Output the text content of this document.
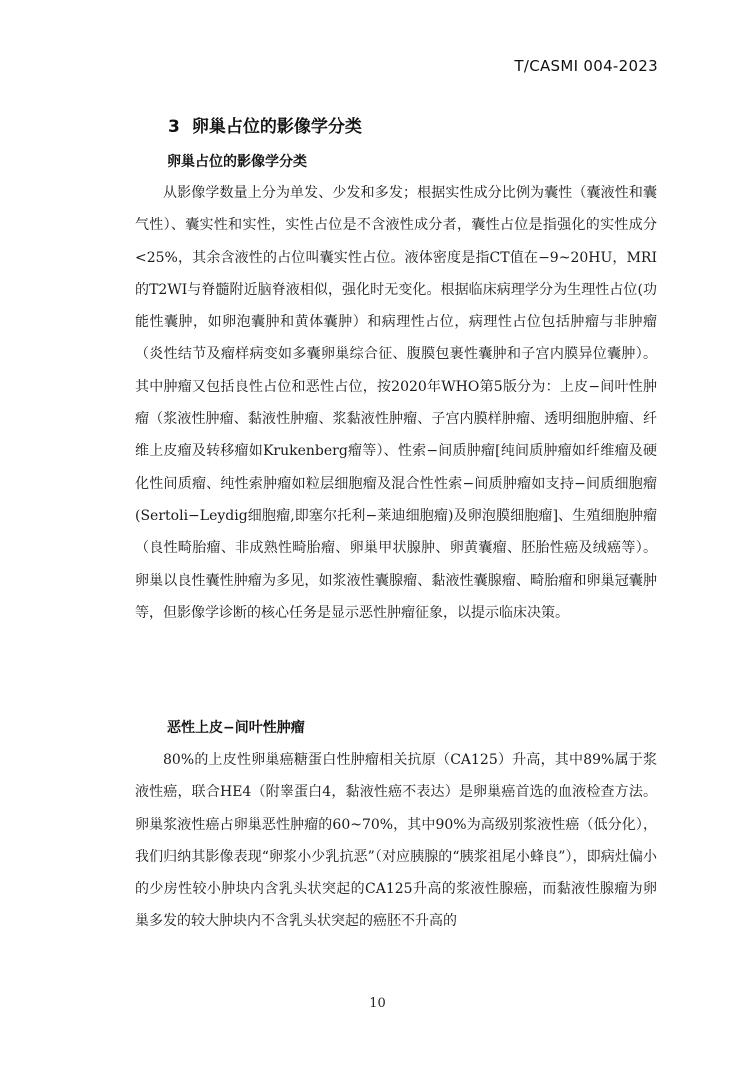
T/CASMI 004-2023
3 卵巢占位的影像学分类
卵巢占位的影像学分类
从影像学数量上分为单发、少发和多发；根据实性成分比例为囊性（囊液性和囊气性）、囊实性和实性，实性占位是不含液性成分者，囊性占位是指强化的实性成分<25%，其余含液性的占位叫囊实性占位。液体密度是指CT值在−9~20HU，MRI的T2WI与脊髓附近脑脊液相似，强化时无变化。根据临床病理学分为生理性占位(功能性囊肿，如卵泡囊肿和黄体囊肿）和病理性占位，病理性占位包括肿瘤与非肿瘤（炎性结节及瘤样病变如多囊卵巢综合征、腹膜包裹性囊肿和子宫内膜异位囊肿）。其中肿瘤又包括良性占位和恶性占位，按2020年WHO第5版分为：上皮−间叶性肿瘤（浆液性肿瘤、黏液性肿瘤、浆黏液性肿瘤、子宫内膜样肿瘤、透明细胞肿瘤、纤维上皮瘤及转移瘤如Krukenberg瘤等）、性索−间质肿瘤[纯间质肿瘤如纤维瘤及硬化性间质瘤、纯性索肿瘤如粒层细胞瘤及混合性性索−间质肿瘤如支持−间质细胞瘤(Sertoli−Leydig细胞瘤,即塞尔托利−莱迪细胞瘤)及卵泡膜细胞瘤]、生殖细胞肿瘤（良性畸胎瘤、非成熟性畸胎瘤、卵巢甲状腺肿、卵黄囊瘤、胚胎性癌及绒癌等）。卵巢以良性囊性肿瘤为多见，如浆液性囊腺瘤、黏液性囊腺瘤、畸胎瘤和卵巢冠囊肿等，但影像学诊断的核心任务是显示恶性肿瘤征象，以提示临床决策。
恶性上皮−间叶性肿瘤
80%的上皮性卵巢癌糖蛋白性肿瘤相关抗原（CA125）升高，其中89%属于浆液性癌，联合HE4（附睾蛋白4，黏液性癌不表达）是卵巢癌首选的血液检查方法。卵巢浆液性癌占卵巢恶性肿瘤的60~70%，其中90%为高级别浆液性癌（低分化），我们归纳其影像表现“卵浆小少乳抗恶”（对应胰腺的“胰浆祖尾小蜂良”），即病灶偏小的少房性较小肿块内含乳头状突起的CA125升高的浆液性腺癌，而黏液性腺瘤为卵巢多发的较大肿块内不含乳头状突起的癌胚不升高的
10
